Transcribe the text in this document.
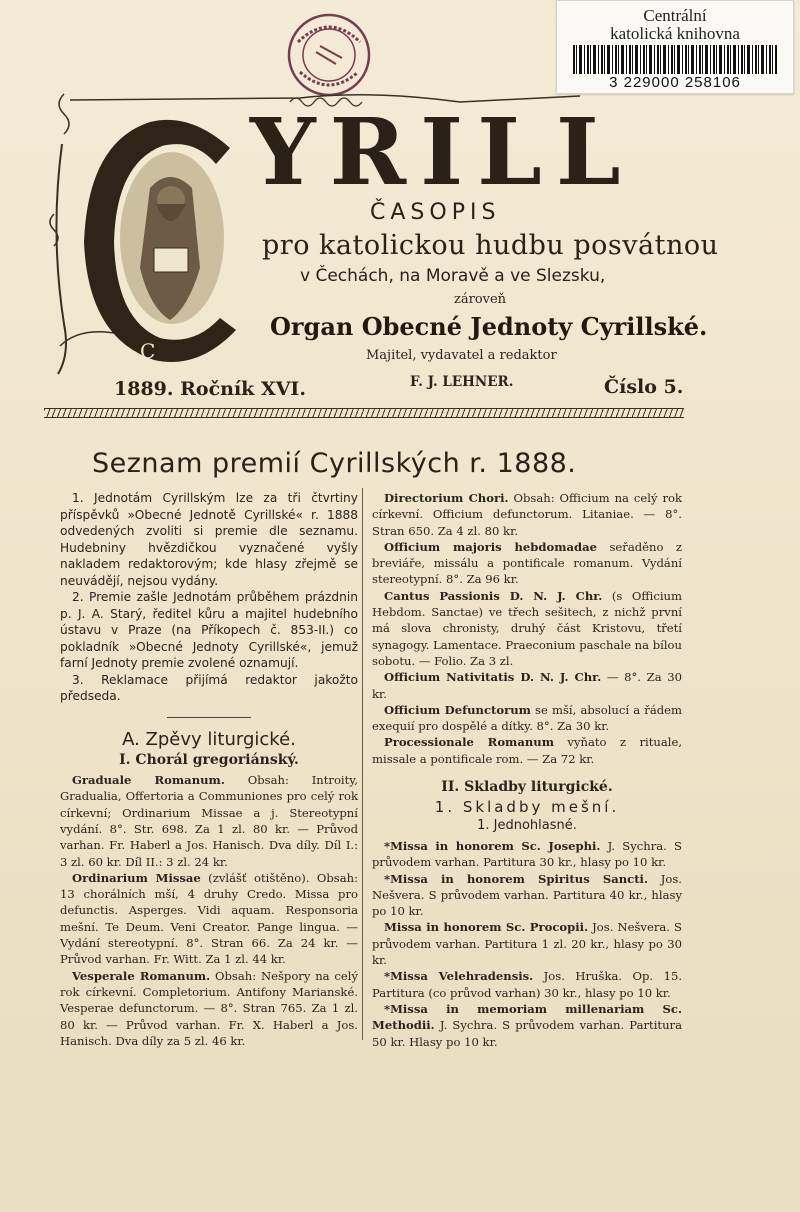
Centrální
katolická knihovna
3 229000 258106
C
YRILL
ČASOPIS
pro katolickou hudbu posvátnou
v Čechách, na Moravě a ve Slezsku,
zároveň
Organ Obecné Jednoty Cyrillské.
Majitel, vydavatel a redaktor
1889. Ročník XVI.	F. J. LEHNER.	Číslo 5.
Seznam premií Cyrillských r. 1888.

1. Jednotám Cyrillským lze za tři čtvrtiny příspěvků »Obecné Jednotě Cyrillské« r. 1888 odvedených zvoliti si premie dle seznamu. Hudebniny hvězdičkou vyznačené vyšly nakladem redaktorovým; kde hlasy zřejmě se neuvádějí, nejsou vydány.

2. Premie zašle Jednotám průběhem prázdnin p. J. A. Starý, ředitel kůru a majitel hudebního ústavu v Praze (na Příkopech č. 853-II.) co pokladník »Obecné Jednoty Cyrillské«, jemuž farní Jednoty premie zvolené oznamují.

3. Reklamace přijímá redaktor jakožto předseda.

A. Zpěvy liturgické.
I. Chorál gregoriánský.

Graduale Romanum. Obsah: Introity, Gradualia, Offertoria a Communiones pro celý rok církevní; Ordinarium Missae a j. Stereotypní vydání. 8°. Str. 698. Za 1 zl. 80 kr. — Průvod varhan. Fr. Haberl a Jos. Hanisch. Dva díly. Díl I.: 3 zl. 60 kr. Díl II.: 3 zl. 24 kr.

Ordinarium Missae (zvlášť otištěno). Obsah: 13 chorálních mší, 4 druhy Credo. Missa pro defunctis. Asperges. Vidi aquam. Responsoria mešní. Te Deum. Veni Creator. Pange lingua. — Vydání stereotypní. 8°. Stran 66. Za 24 kr. — Průvod varhan. Fr. Witt. Za 1 zl. 44 kr.

Vesperale Romanum. Obsah: Nešpory na celý rok církevní. Completorium. Antifony Marianské. Vesperae defunctorum. — 8°. Stran 765. Za 1 zl. 80 kr. — Průvod varhan. Fr. X. Haberl a Jos. Hanisch. Dva díly za 5 zl. 46 kr.

Directorium Chori. Obsah: Officium na celý rok církevní. Officium defunctorum. Litaniae. — 8°. Stran 650. Za 4 zl. 80 kr.

Officium majoris hebdomadae seřaděno z breviáře, missálu a pontificale romanum. Vydání stereotypní. 8°. Za 96 kr.

Cantus Passionis D. N. J. Chr. (s Officium Hebdom. Sanctae) ve třech sešitech, z nichž první má slova chronisty, druhý část Kristovu, třetí synagogy. Lamentace. Praeconium paschale na bílou sobotu. — Folio. Za 3 zl.

Officium Nativitatis D. N. J. Chr. — 8°. Za 30 kr.

Officium Defunctorum se mší, absolucí a řádem exequií pro dospělé a dítky. 8°. Za 30 kr.

Processionale Romanum vyňato z rituale, missale a pontificale rom. — Za 72 kr.

II. Skladby liturgické.
1. Skladby mešní.
1. Jednohlasné.

*Missa in honorem Sc. Josephi. J. Sychra. S průvodem varhan. Partitura 30 kr., hlasy po 10 kr.

*Missa in honorem Spiritus Sancti. Jos. Nešvera. S průvodem varhan. Partitura 40 kr., hlasy po 10 kr.

Missa in honorem Sc. Procopii. Jos. Nešvera. S průvodem varhan. Partitura 1 zl. 20 kr., hlasy po 30 kr.

*Missa Velehradensis. Jos. Hruška. Op. 15. Partitura (co průvod varhan) 30 kr., hlasy po 10 kr.

*Missa in memoriam millenariam Sc. Methodii. J. Sychra. S průvodem varhan. Partitura 50 kr. Hlasy po 10 kr.
